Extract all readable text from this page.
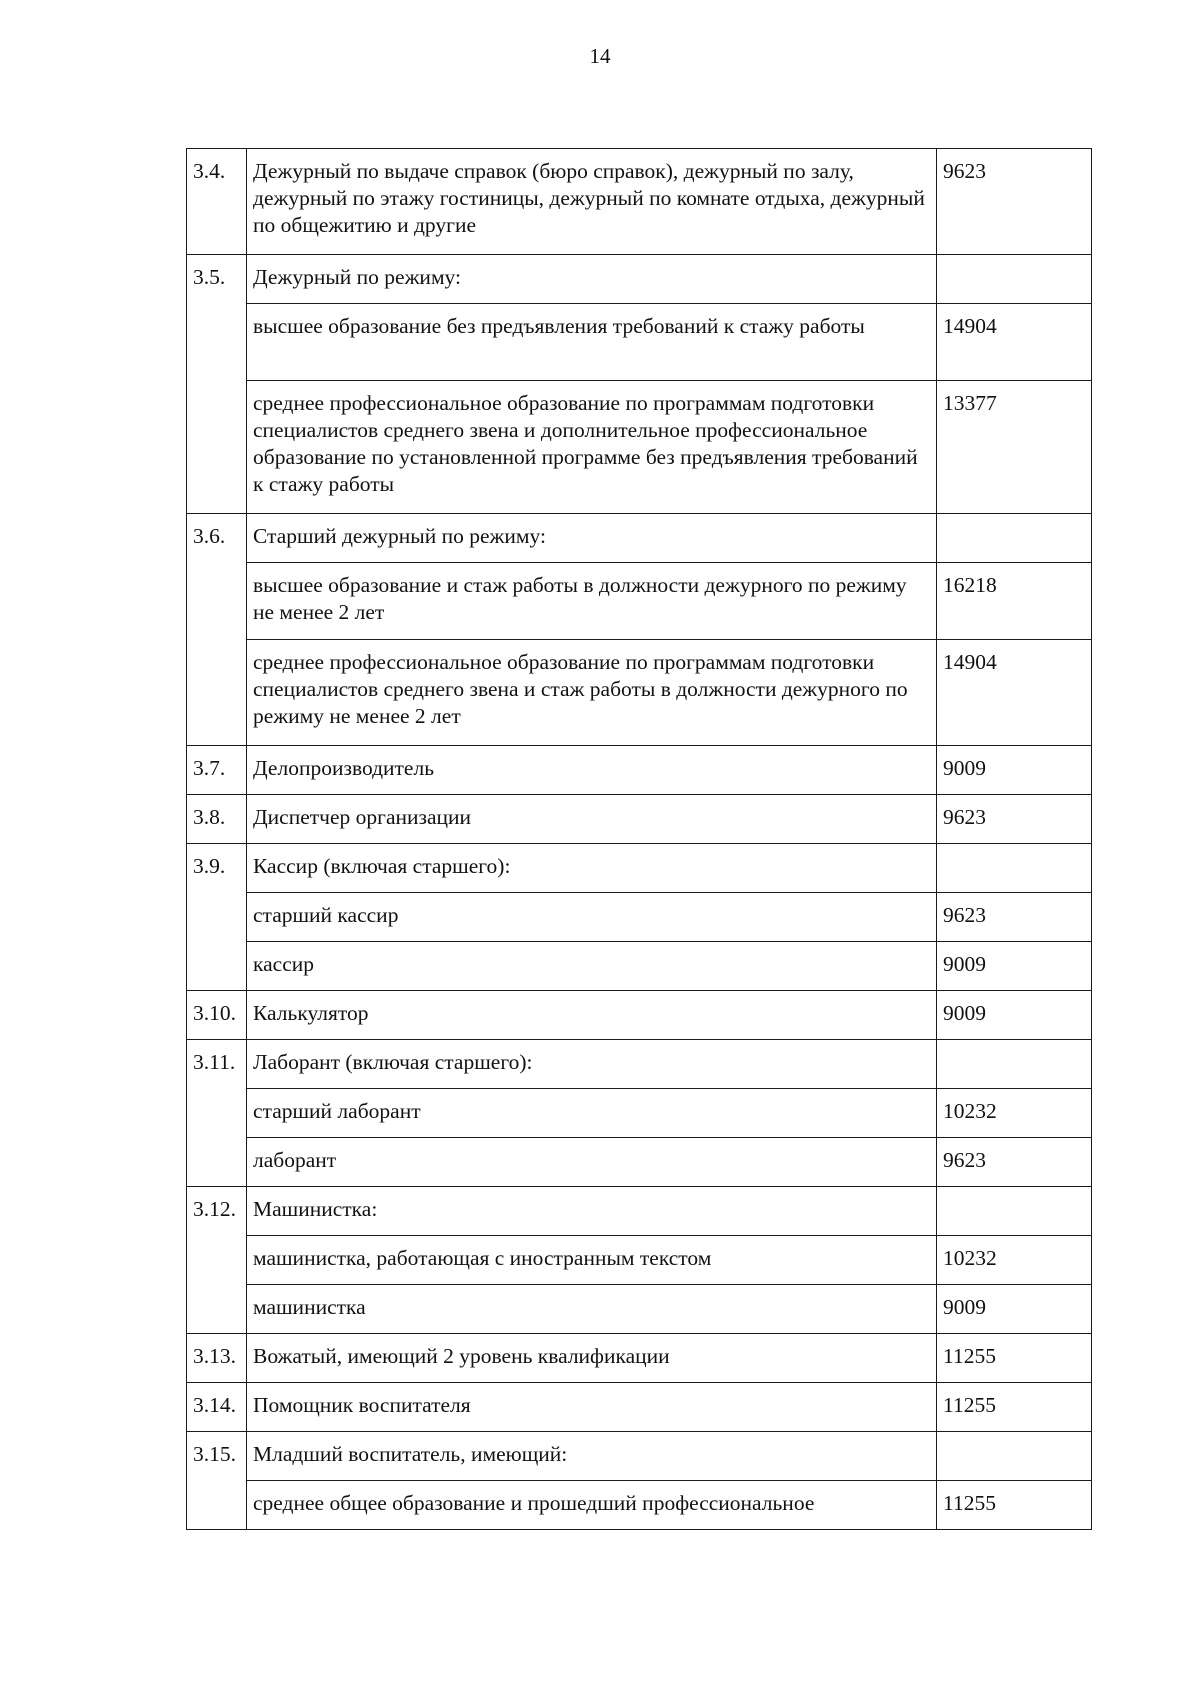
14
3.4.	Дежурный по выдаче справок (бюро справок), дежурный по залу, дежурный по этажу гостиницы, дежурный по комнате отдыха, дежурный по общежитию и другие	9623
3.5.	Дежурный по режиму:	
	высшее образование без предъявления требований к стажу работы	14904
	среднее профессиональное образование по программам подготовки специалистов среднего звена и дополнительное профессиональное образование по установленной программе без предъявления требований к стажу работы	13377
3.6.	Старший дежурный по режиму:	
	высшее образование и стаж работы в должности дежурного по режиму не менее 2 лет	16218
	среднее профессиональное образование по программам подготовки специалистов среднего звена и стаж работы в должности дежурного по режиму не менее 2 лет	14904
3.7.	Делопроизводитель	9009
3.8.	Диспетчер организации	9623
3.9.	Кассир (включая старшего):	
	старший кассир	9623
	кассир	9009
3.10.	Калькулятор	9009
3.11.	Лаборант (включая старшего):	
	старший лаборант	10232
	лаборант	9623
3.12.	Машинистка:	
	машинистка, работающая с иностранным текстом	10232
	машинистка	9009
3.13.	Вожатый, имеющий 2 уровень квалификации	11255
3.14.	Помощник воспитателя	11255
3.15.	Младший воспитатель, имеющий:	
	среднее общее образование и прошедший профессиональное	11255
